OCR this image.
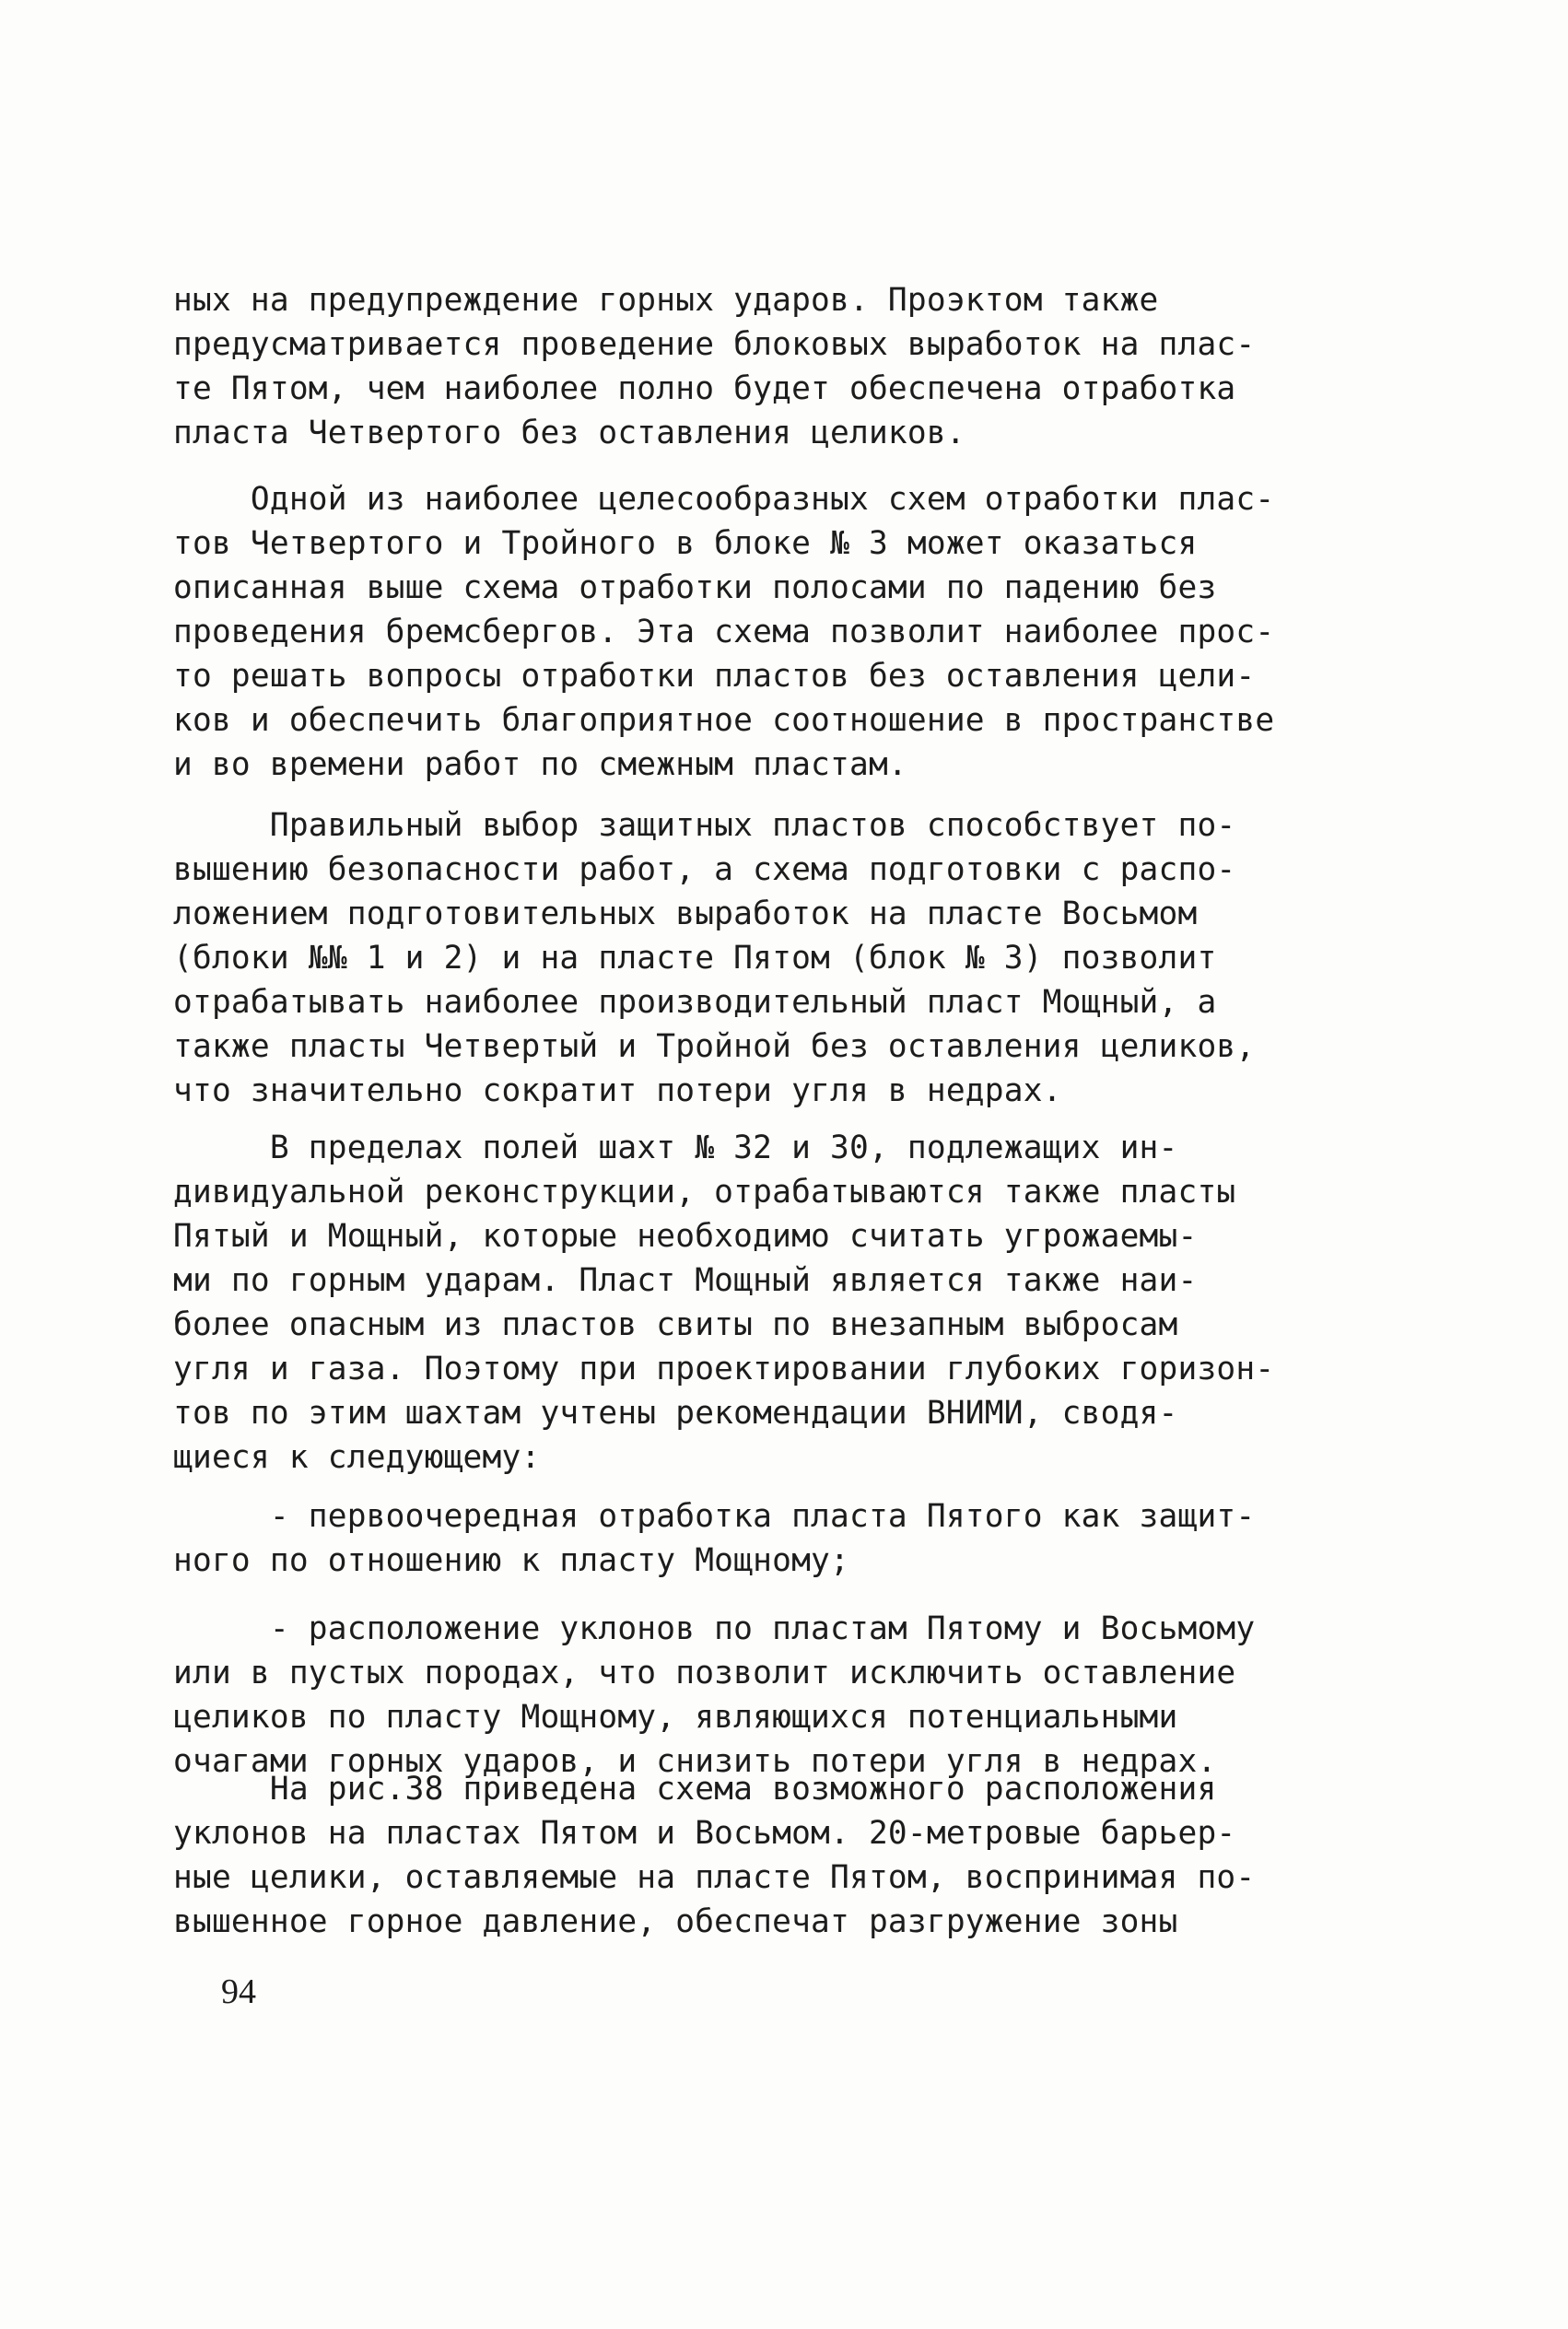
ных на предупреждение горных ударов. Проэктом также
предусматривается проведение блоковых выработок на плас-
те Пятом, чем наиболее полно будет обеспечена отработка
пласта Четвертого без оставления целиков.
Одной из наиболее целесообразных схем отработки плас-
тов Четвертого и Тройного в блоке № 3 может оказаться
описанная выше схема отработки полосами по падению без
проведения бремсбергов. Эта схема позволит наиболее прос-
то решать вопросы отработки пластов без оставления цели-
ков и обеспечить благоприятное соотношение в пространстве
и во времени работ по смежным пластам.
Правильный выбор защитных пластов способствует по-
вышению безопасности работ, а схема подготовки с распо-
ложением подготовительных выработок на пласте Восьмом
(блоки №№ 1 и 2) и на пласте Пятом (блок № 3) позволит
отрабатывать наиболее производительный пласт Мощный, а
также пласты Четвертый и Тройной без оставления целиков,
что значительно сократит потери угля в недрах.
В пределах полей шахт № 32 и 30, подлежащих ин-
дивидуальной реконструкции, отрабатываются также пласты
Пятый и Мощный, которые необходимо считать угрожаемы-
ми по горным ударам. Пласт Мощный является также наи-
более опасным из пластов свиты по внезапным выбросам
угля и газа. Поэтому при проектировании глубоких горизон-
тов по этим шахтам учтены рекомендации ВНИМИ, сводя-
щиеся к следующему:
- первоочередная отработка пласта Пятого как защит-
ного по отношению к пласту Мощному;
- расположение уклонов по пластам Пятому и Восьмому
или в пустых породах, что позволит исключить оставление
целиков по пласту Мощному, являющихся потенциальными
очагами горных ударов, и снизить потери угля в недрах.
На рис.38 приведена схема возможного расположения
уклонов на пластах Пятом и Восьмом. 20-метровые барьер-
ные целики, оставляемые на пласте Пятом, воспринимая по-
вышенное горное давление, обеспечат разгружение зоны
94
